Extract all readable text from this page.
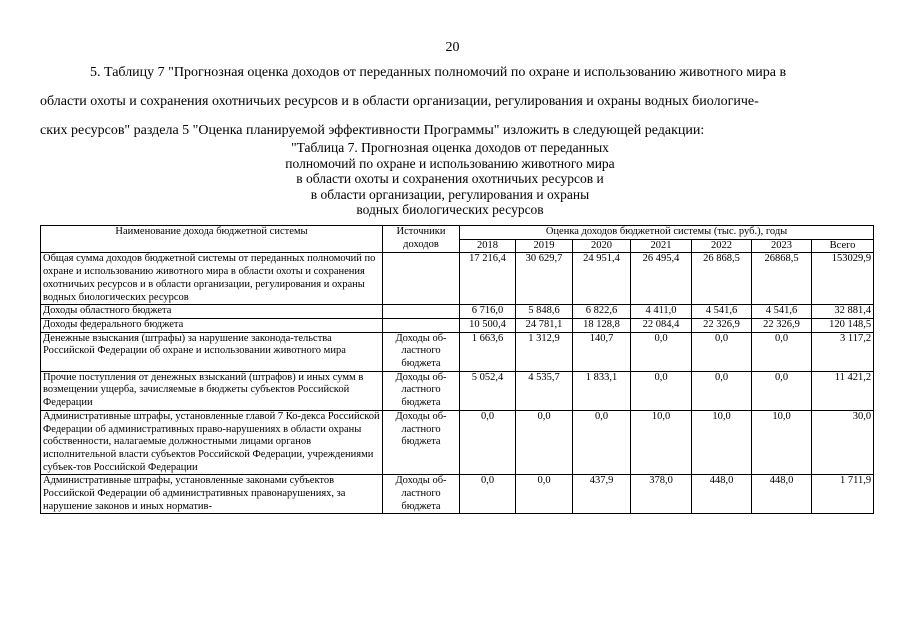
20

5. Таблицу 7 "Прогнозная оценка доходов от переданных полномочий по охране и использованию животного мира в

области охоты и сохранения охотничьих ресурсов и в области организации, регулирования и охраны водных биологиче-
ских ресурсов" раздела 5 "Оценка планируемой эффективности Программы" изложить в следующей редакции:
"Таблица 7. Прогнозная оценка доходов от переданных
полномочий по охране и использованию животного мира
в области охоты и сохранения охотничьих ресурсов и
в области организации, регулирования и охраны
водных биологических ресурсов
Наименование дохода бюджетной системы	Источники доходов	Оценка доходов бюджетной системы (тыс. руб.), годы						
		2018	2019	2020	2021	2022	2023	Всего
Общая сумма доходов бюджетной системы от переданных полномочий по охране и использованию животного мира в области охоты и сохранения охотничьих ресурсов и в области организации, регулирования и охраны водных биологических ресурсов		17 216,4	30 629,7	24 951,4	26 495,4	26 868,5	26868,5	153029,9
Доходы областного бюджета		6 716,0	5 848,6	6 822,6	4 411,0	4 541,6	4 541,6	32 881,4
Доходы федерального бюджета		10 500,4	24 781,1	18 128,8	22 084,4	22 326,9	22 326,9	120 148,5
Денежные взыскания (штрафы) за нарушение законода-тельства Российской Федерации об охране и использовании животного мира	Доходы об-ластного бюджета	1 663,6	1 312,9	140,7	0,0	0,0	0,0	3 117,2
Прочие поступления от денежных взысканий (штрафов) и иных сумм в возмещении ущерба, зачисляемые в бюджеты субъектов Российской Федерации	Доходы об-ластного бюджета	5 052,4	4 535,7	1 833,1	0,0	0,0	0,0	11 421,2
Административные штрафы, установленные главой 7 Ко-декса Российской Федерации об административных право-нарушениях в области охраны собственности, налагаемые должностными лицами органов исполнительной власти субъектов Российской Федерации, учреждениями субъек-тов Российской Федерации	Доходы об-ластного бюджета	0,0	0,0	0,0	10,0	10,0	10,0	30,0
Административные штрафы, установленные законами субъектов Российской Федерации об административных правонарушениях, за нарушение законов и иных норматив-	Доходы об-ластного бюджета	0,0	0,0	437,9	378,0	448,0	448,0	1 711,9
